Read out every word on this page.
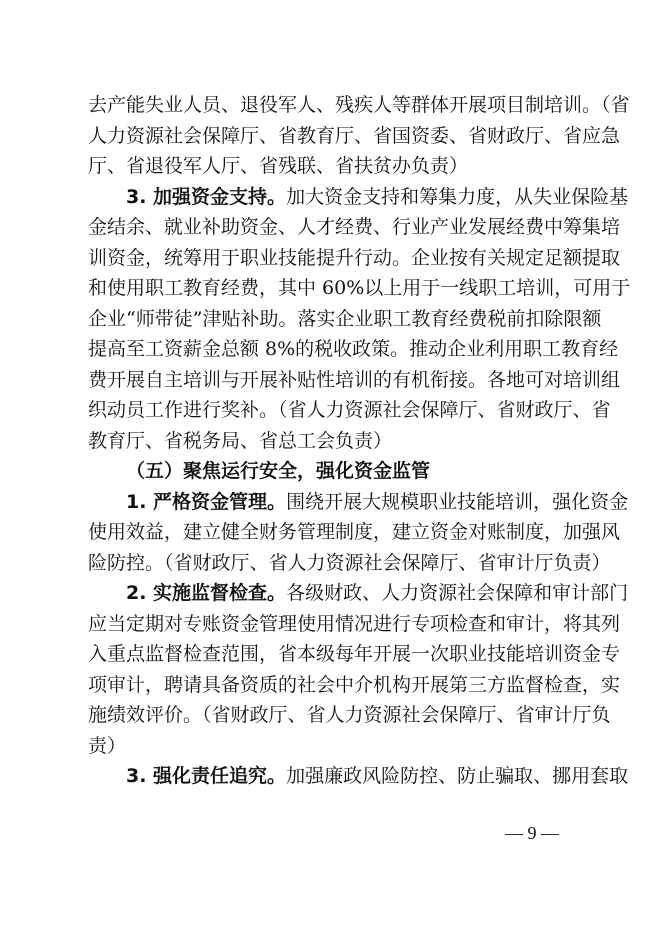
去产能失业人员、退役军人、残疾人等群体开展项目制培训。（省
人力资源社会保障厅、省教育厅、省国资委、省财政厅、省应急
厅、省退役军人厅、省残联、省扶贫办负责）
3. 加强资金支持。加大资金支持和筹集力度，从失业保险基
金结余、就业补助资金、人才经费、行业产业发展经费中筹集培
训资金，统筹用于职业技能提升行动。企业按有关规定足额提取
和使用职工教育经费，其中 60%以上用于一线职工培训，可用于
企业“师带徒”津贴补助。落实企业职工教育经费税前扣除限额
提高至工资薪金总额 8%的税收政策。推动企业利用职工教育经
费开展自主培训与开展补贴性培训的有机衔接。各地可对培训组
织动员工作进行奖补。（省人力资源社会保障厅、省财政厅、省
教育厅、省税务局、省总工会负责）
（五）聚焦运行安全，强化资金监管
1. 严格资金管理。围绕开展大规模职业技能培训，强化资金
使用效益，建立健全财务管理制度，建立资金对账制度，加强风
险防控。（省财政厅、省人力资源社会保障厅、省审计厅负责）
2. 实施监督检查。各级财政、人力资源社会保障和审计部门
应当定期对专账资金管理使用情况进行专项检查和审计，将其列
入重点监督检查范围，省本级每年开展一次职业技能培训资金专
项审计，聘请具备资质的社会中介机构开展第三方监督检查，实
施绩效评价。（省财政厅、省人力资源社会保障厅、省审计厅负
责）
3. 强化责任追究。加强廉政风险防控、防止骗取、挪用套取
— 9 —
